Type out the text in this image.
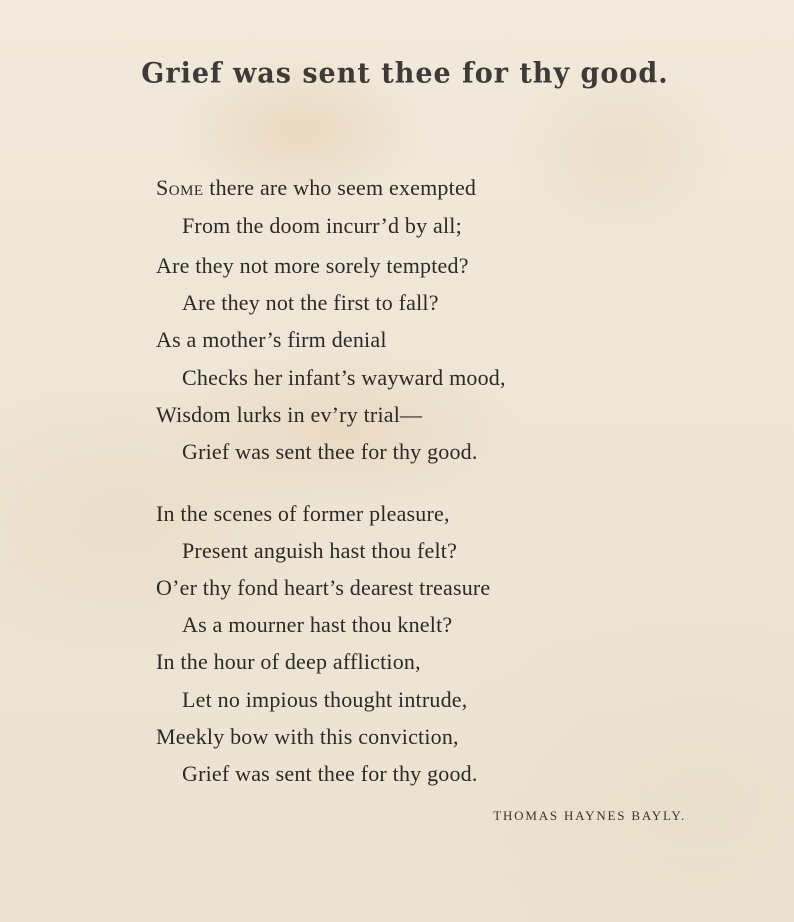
Grief was sent thee for thy good.
Some there are who seem exempted
From the doom incurr’d by all;
Are they not more sorely tempted?
Are they not the first to fall?
As a mother’s firm denial
Checks her infant’s wayward mood,
Wisdom lurks in ev’ry trial—
Grief was sent thee for thy good.
In the scenes of former pleasure,
Present anguish hast thou felt?
O’er thy fond heart’s dearest treasure
As a mourner hast thou knelt?
In the hour of deep affliction,
Let no impious thought intrude,
Meekly bow with this conviction,
Grief was sent thee for thy good.
THOMAS HAYNES BAYLY.
